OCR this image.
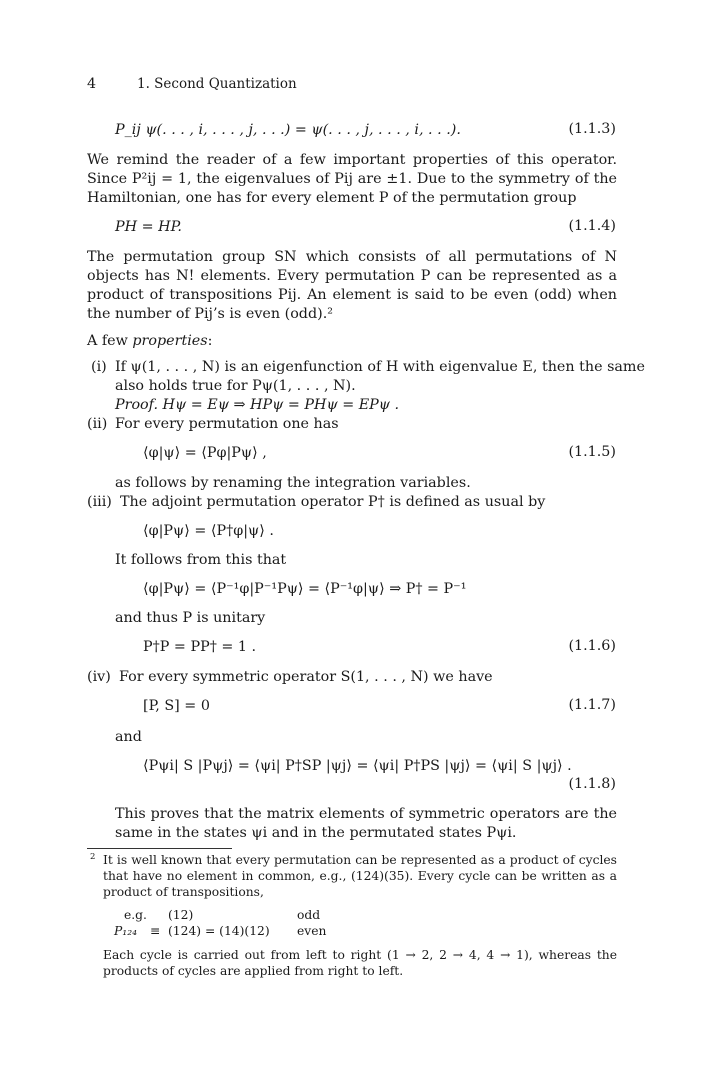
4	1. Second Quantization
P_ij ψ(. . . , i, . . . , j, . . .) = ψ(. . . , j, . . . , i, . . .).	(1.1.3)

We remind the reader of a few important properties of this operator. Since P²ij = 1, the eigenvalues of Pij are ±1. Due to the symmetry of the Hamiltonian, one has for every element P of the permutation group

PH = HP.	(1.1.4)

The permutation group SN which consists of all permutations of N objects has N! elements. Every permutation P can be represented as a product of transpositions Pij. An element is said to be even (odd) when the number of Pij’s is even (odd).²

A few properties:
(i) If ψ(1, . . . , N) is an eigenfunction of H with eigenvalue E, then the same
also holds true for Pψ(1, . . . , N).
Proof. Hψ = Eψ ⇒ HPψ = PHψ = EPψ .
(ii) For every permutation one has
⟨φ|ψ⟩ = ⟨Pφ|Pψ⟩ ,	(1.1.5)
as follows by renaming the integration variables.
(iii) The adjoint permutation operator P† is defined as usual by
⟨φ|Pψ⟩ = ⟨P†φ|ψ⟩ .
It follows from this that
⟨φ|Pψ⟩ = ⟨P⁻¹φ|P⁻¹Pψ⟩ = ⟨P⁻¹φ|ψ⟩ ⇒ P† = P⁻¹
and thus P is unitary
P†P = PP† = 1 .	(1.1.6)
(iv) For every symmetric operator S(1, . . . , N) we have
[P, S] = 0	(1.1.7)
and
⟨Pψi| S |Pψj⟩ = ⟨ψi| P†SP |ψj⟩ = ⟨ψi| P†PS |ψj⟩ = ⟨ψi| S |ψj⟩ .
(1.1.8)

This proves that the matrix elements of symmetric operators are the same in the states ψi and in the permutated states Pψi.

2 It is well known that every permutation can be represented as a product of cycles that have no element in common, e.g., (124)(35). Every cycle can be written as a product of transpositions,

e.g. (12)	odd
P₁₂₄ ≡ (124) = (14)(12) even

Each cycle is carried out from left to right (1 → 2, 2 → 4, 4 → 1), whereas the products of cycles are applied from right to left.
